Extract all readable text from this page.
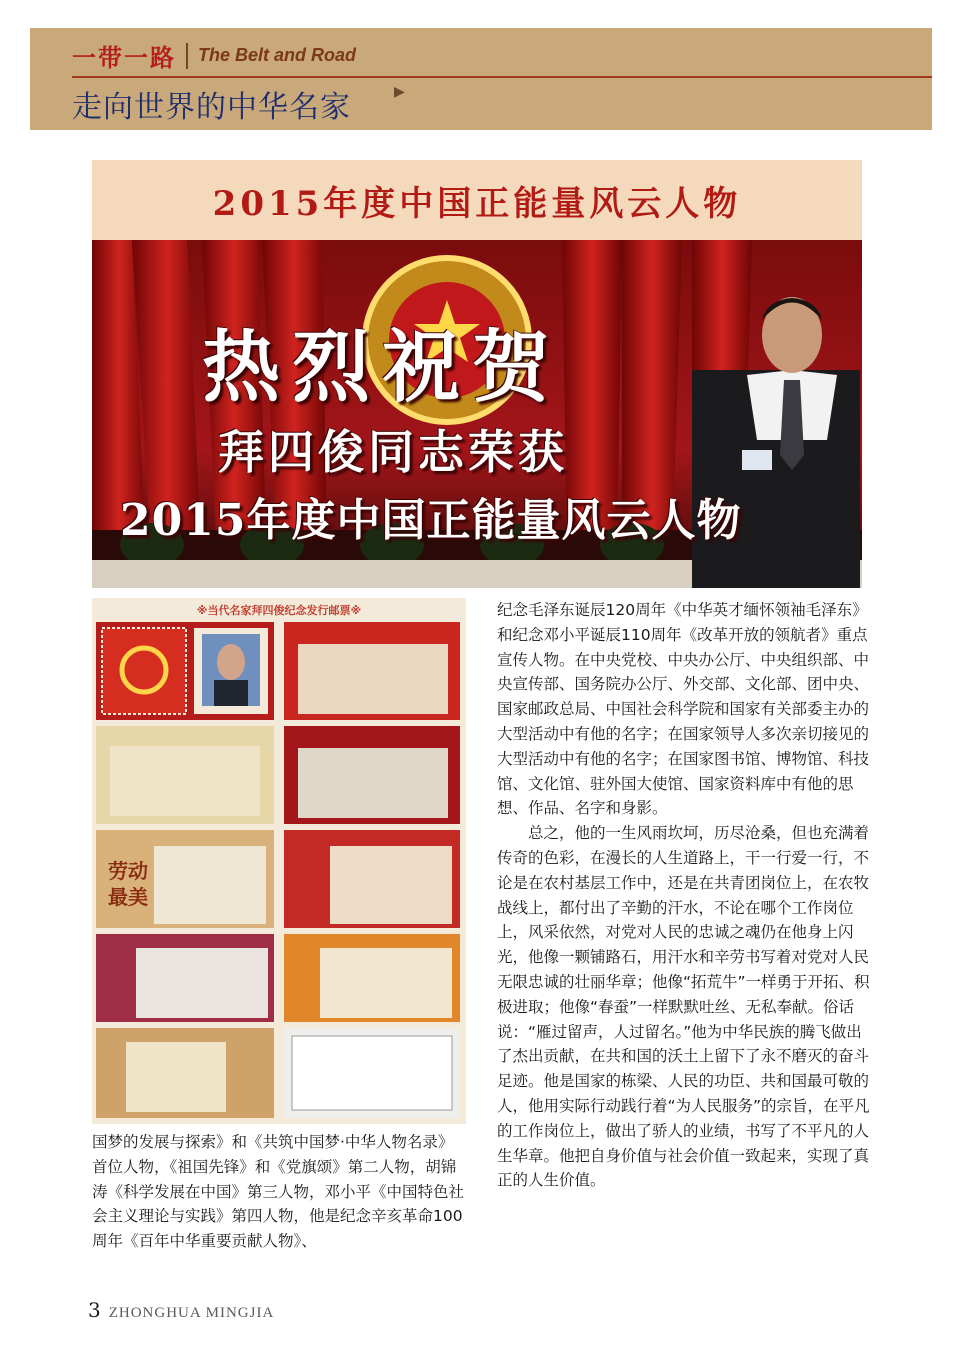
一带一路 The Belt and Road
走向世界的中华名家	▶
2015年度中国正能量风云人物
热烈祝贺
拜四俊同志荣获
2015年度中国正能量风云人物
劳动
最美
※当代名家拜四俊纪念发行邮票※

国梦的发展与探索》和《共筑中国梦·中华人物名录》首位人物，《祖国先锋》和《党旗颂》第二人物，胡锦涛《科学发展在中国》第三人物，邓小平《中国特色社会主义理论与实践》第四人物，他是纪念辛亥革命100周年《百年中华重要贡献人物》、

纪念毛泽东诞辰120周年《中华英才缅怀领袖毛泽东》和纪念邓小平诞辰110周年《改革开放的领航者》重点宣传人物。在中央党校、中央办公厅、中央组织部、中央宣传部、国务院办公厅、外交部、文化部、团中央、国家邮政总局、中国社会科学院和国家有关部委主办的大型活动中有他的名字；在国家领导人多次亲切接见的大型活动中有他的名字；在国家图书馆、博物馆、科技馆、文化馆、驻外国大使馆、国家资料库中有他的思想、作品、名字和身影。

总之，他的一生风雨坎坷，历尽沧桑，但也充满着传奇的色彩，在漫长的人生道路上，干一行爱一行，不论是在农村基层工作中，还是在共青团岗位上，在农牧战线上，都付出了辛勤的汗水，不论在哪个工作岗位上，风采依然，对党对人民的忠诚之魂仍在他身上闪光，他像一颗铺路石，用汗水和辛劳书写着对党对人民无限忠诚的壮丽华章；他像“拓荒牛”一样勇于开拓、积极进取；他像“春蚕”一样默默吐丝、无私奉献。俗话说：“雁过留声，人过留名。”他为中华民族的腾飞做出了杰出贡献，在共和国的沃土上留下了永不磨灭的奋斗足迹。他是国家的栋梁、人民的功臣、共和国最可敬的人，他用实际行动践行着“为人民服务”的宗旨，在平凡的工作岗位上，做出了骄人的业绩，书写了不平凡的人生华章。他把自身价值与社会价值一致起来，实现了真正的人生价值。

3 ZHONGHUA MINGJIA
